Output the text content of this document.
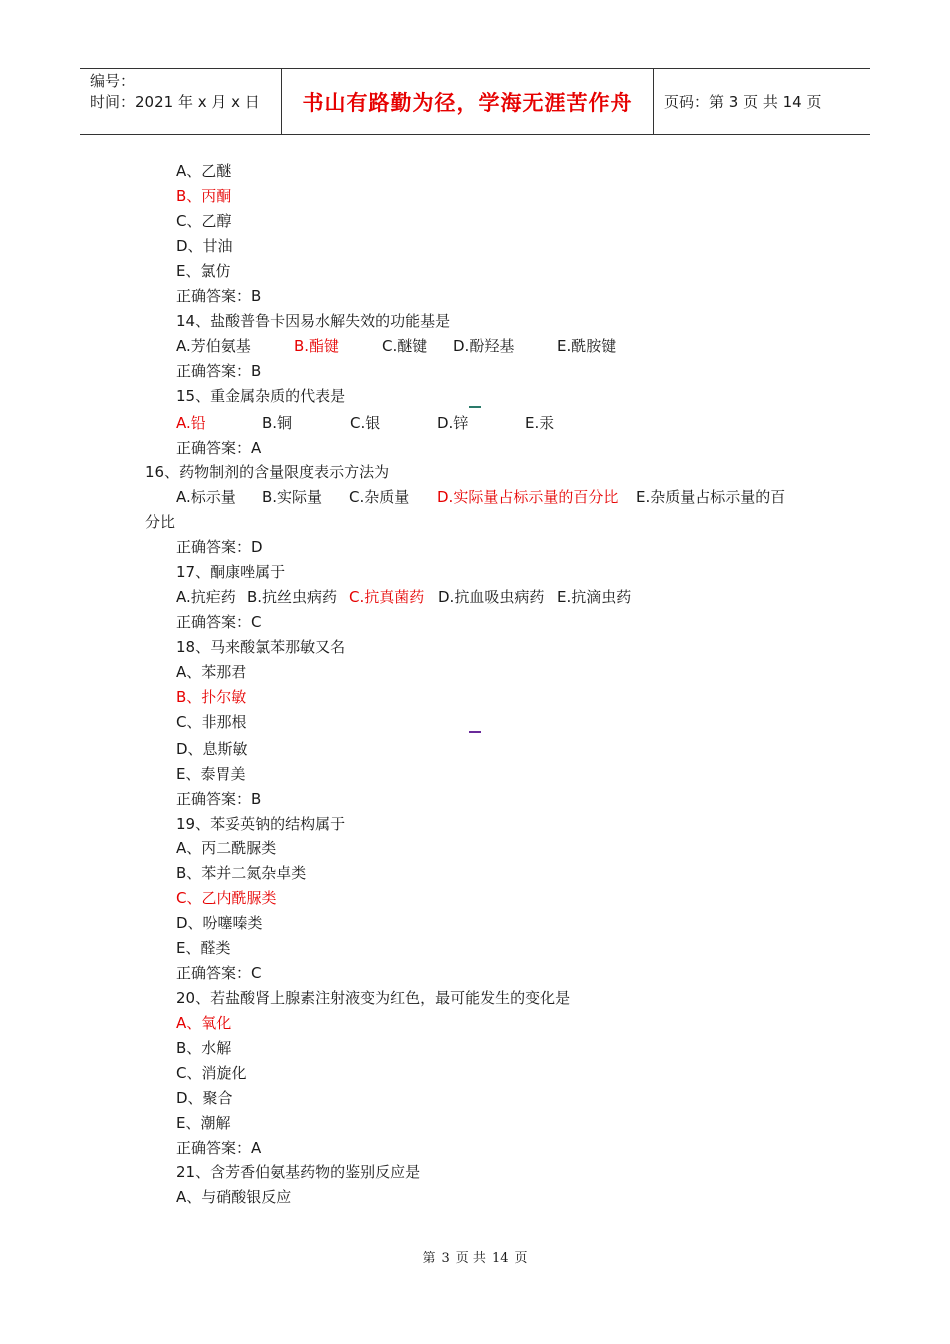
编号：
时间：2021 年 x 月 x 日	书山有路勤为径，学海无涯苦作舟 页码：第 3 页 共 14 页
A、乙醚
B、丙酮
C、乙醇
D、甘油
E、氯仿
正确答案：B
14、盐酸普鲁卡因易水解失效的功能基是
A.芳伯氨基	B.酯键	C.醚键 D.酚羟基	E.酰胺键
正确答案：B
15、重金属杂质的代表是
A.铅	B.铜	C.银	D.锌	E.汞
正确答案：A
16、药物制剂的含量限度表示方法为
A.标示量 B.实际量 C.杂质量 D.实际量占标示量的百分比 E.杂质量占标示量的百
分比
正确答案：D
17、酮康唑属于
A.抗疟药 B.抗丝虫病药 C.抗真菌药 D.抗血吸虫病药 E.抗滴虫药
正确答案：C
18、马来酸氯苯那敏又名
A、苯那君
B、扑尔敏
C、非那根
D、息斯敏
E、泰胃美
正确答案：B
19、苯妥英钠的结构属于
A、丙二酰脲类
B、苯并二氮杂卓类
C、乙内酰脲类
D、吩噻嗪类
E、醛类
正确答案：C
20、若盐酸肾上腺素注射液变为红色，最可能发生的变化是
A、氧化
B、水解
C、消旋化
D、聚合
E、潮解
正确答案：A
21、含芳香伯氨基药物的鉴别反应是
A、与硝酸银反应
第 3 页 共 14 页
